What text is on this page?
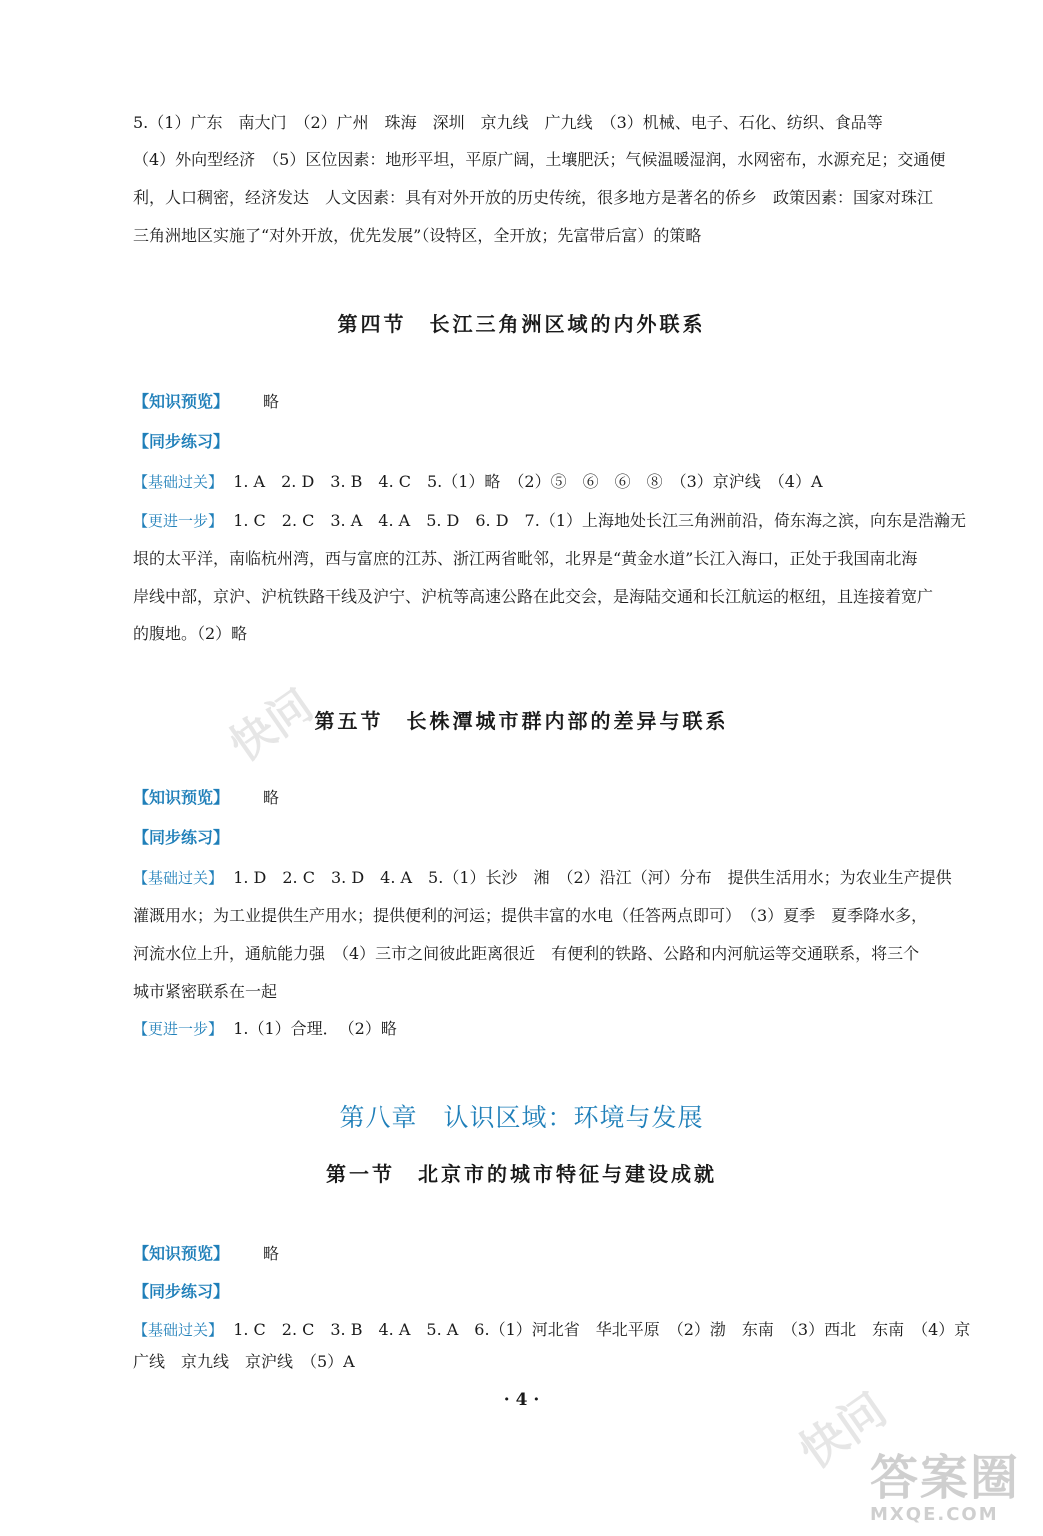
5.（1）广东　南大门　（2）广州　珠海　深圳　京九线　广九线　（3）机械、电子、石化、纺织、食品等
（4）外向型经济　（5）区位因素：地形平坦，平原广阔，土壤肥沃；气候温暖湿润，水网密布，水源充足；交通便
利，人口稠密，经济发达　人文因素：具有对外开放的历史传统，很多地方是著名的侨乡　政策因素：国家对珠江
三角洲地区实施了“对外开放，优先发展”（设特区，全开放；先富带后富）的策略
第四节　长江三角洲区域的内外联系
【知识预览】 略
【同步练习】
【基础过关】 1. A　2. D　3. B　4. C　5.（1）略　（2）⑤　⑥　⑥　⑧　（3）京沪线　（4）A
【更进一步】 1. C　2. C　3. A　4. A　5. D　6. D　7.（1）上海地处长江三角洲前沿，倚东海之滨，向东是浩瀚无
垠的太平洋，南临杭州湾，西与富庶的江苏、浙江两省毗邻，北界是“黄金水道”长江入海口，正处于我国南北海
岸线中部，京沪、沪杭铁路干线及沪宁、沪杭等高速公路在此交会，是海陆交通和长江航运的枢纽，且连接着宽广
的腹地。（2）略
第五节　长株潭城市群内部的差异与联系
【知识预览】 略
【同步练习】
【基础过关】 1. D　2. C　3. D　4. A　5.（1）长沙　湘　（2）沿江（河）分布　提供生活用水；为农业生产提供
灌溉用水；为工业提供生产用水；提供便利的河运；提供丰富的水电（任答两点即可）　（3）夏季　夏季降水多，
河流水位上升，通航能力强　（4）三市之间彼此距离很近　有便利的铁路、公路和内河航运等交通联系，将三个
城市紧密联系在一起
【更进一步】 1.（1）合理．　（2）略
第八章　认识区域：环境与发展
第一节　北京市的城市特征与建设成就
【知识预览】 略
【同步练习】
【基础过关】 1. C　2. C　3. B　4. A　5. A　6.（1）河北省　华北平原　（2）渤　东南　（3）西北　东南　（4）京
广线　京九线　京沪线　（5）A
· 4 ·
快问
快问
答案圈
MXQE.COM
